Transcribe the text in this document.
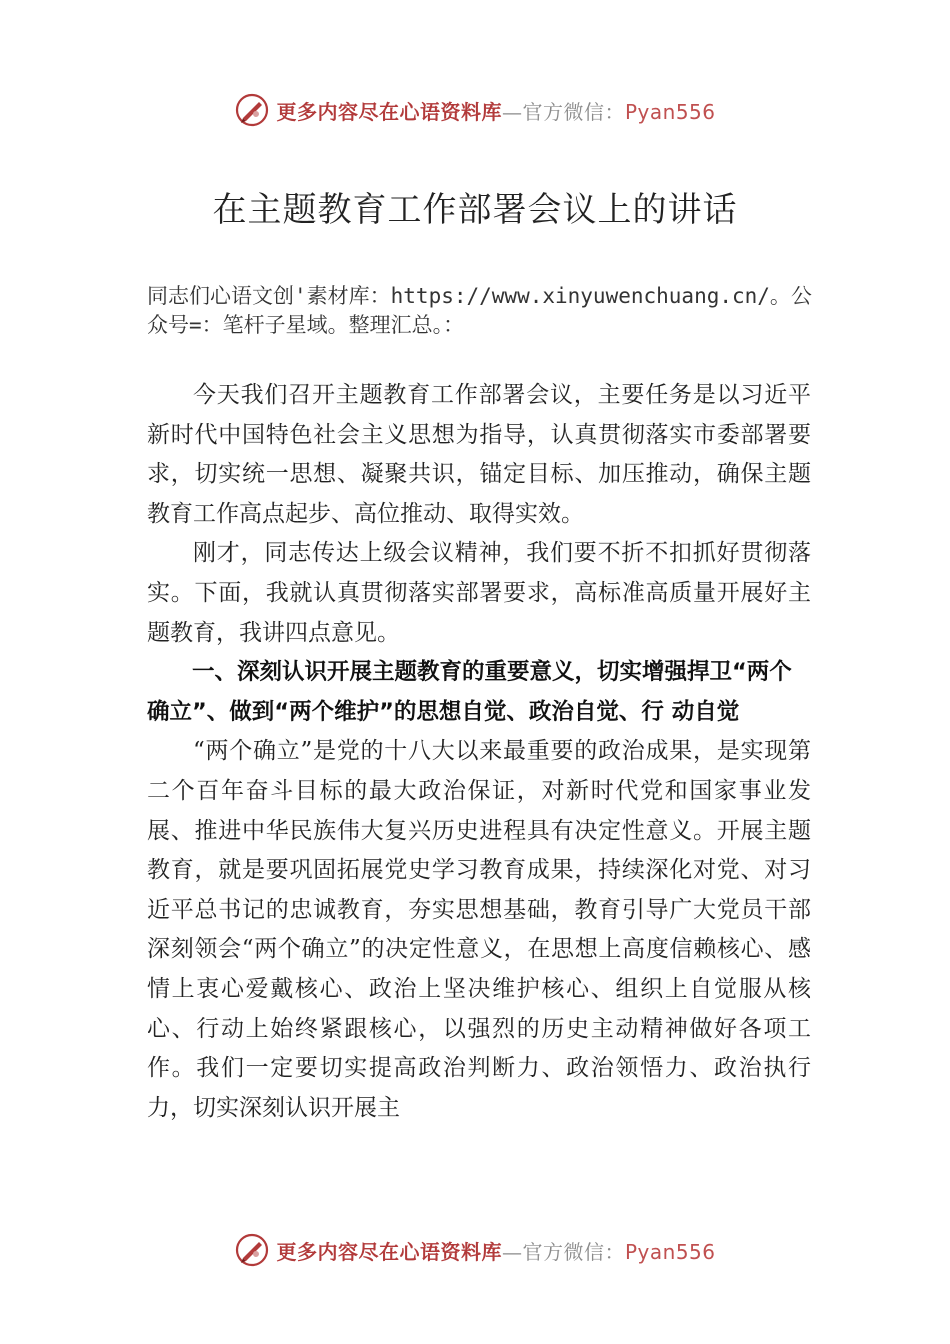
更多内容尽在心语资料库—官方微信：Pyan556
在主题教育工作部署会议上的讲话
同志们心语文创'素材库：https://www.xinyuwenchuang.cn/。公众号=：笔杆子星域。整理汇总。：

今天我们召开主题教育工作部署会议，主要任务是以习近平新时代中国特色社会主义思想为指导，认真贯彻落实市委部署要求，切实统一思想、凝聚共识，锚定目标、加压推动，确保主题教育工作高点起步、高位推动、取得实效。

刚才，同志传达上级会议精神，我们要不折不扣抓好贯彻落实。下面，我就认真贯彻落实部署要求，高标准高质量开展好主题教育，我讲四点意见。

一、深刻认识开展主题教育的重要意义，切实增强捍卫“两个确立”、做到“两个维护”的思想自觉、政治自觉、行 动自觉

“两个确立”是党的十八大以来最重要的政治成果，是实现第二个百年奋斗目标的最大政治保证，对新时代党和国家事业发展、推进中华民族伟大复兴历史进程具有决定性意义。开展主题教育，就是要巩固拓展党史学习教育成果，持续深化对党、对习近平总书记的忠诚教育，夯实思想基础，教育引导广大党员干部深刻领会“两个确立”的决定性意义，在思想上高度信赖核心、感情上衷心爱戴核心、政治上坚决维护核心、组织上自觉服从核心、行动上始终紧跟核心，以强烈的历史主动精神做好各项工作。我们一定要切实提高政治判断力、政治领悟力、政治执行力，切实深刻认识开展主

更多内容尽在心语资料库—官方微信：Pyan556
